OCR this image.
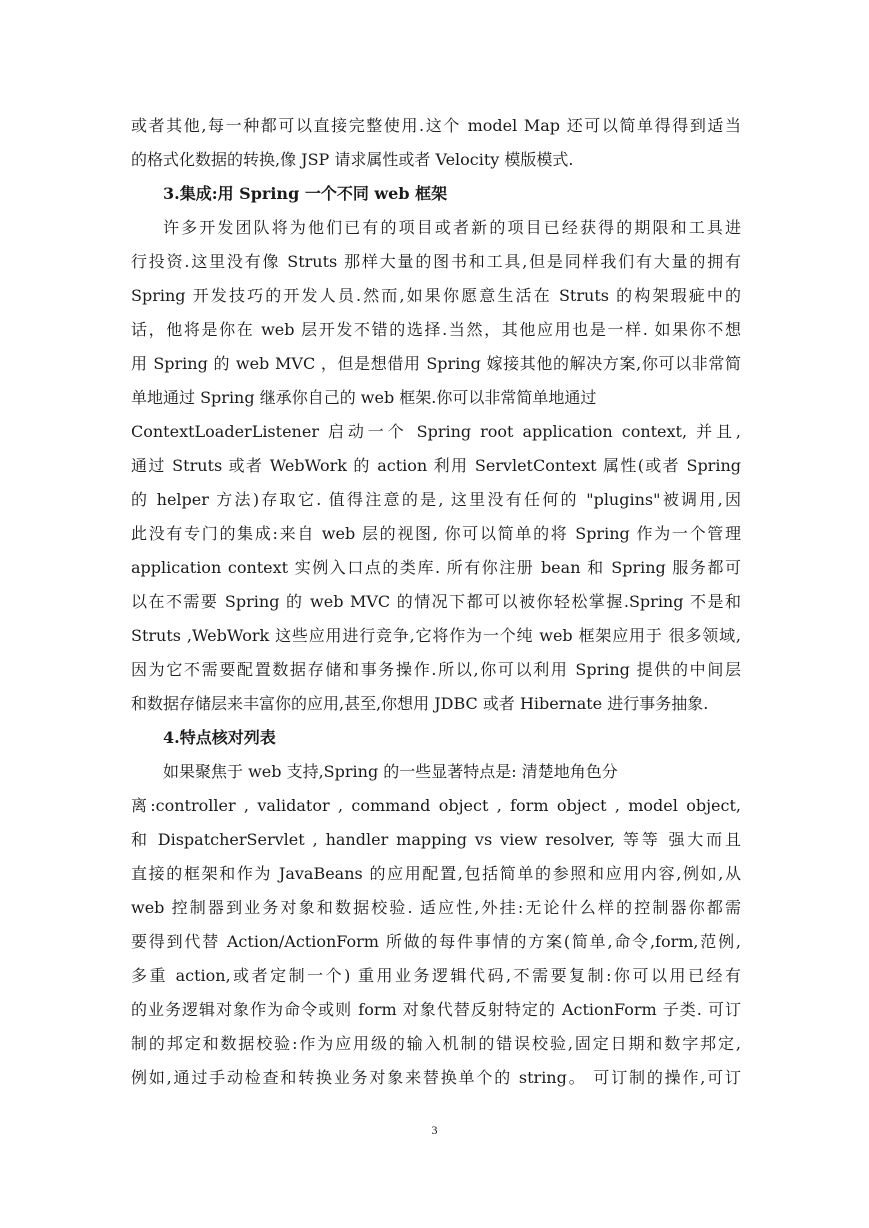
或者其他,每一种都可以直接完整使用.这个 model Map 还可以简单得得到适当
的格式化数据的转换,像 JSP 请求属性或者 Velocity 模版模式.
3.集成:用 Spring 一个不同 web 框架
许多开发团队将为他们已有的项目或者新的项目已经获得的期限和工具进
行投资.这里没有像 Struts 那样大量的图书和工具,但是同样我们有大量的拥有
Spring 开发技巧的开发人员.然而,如果你愿意生活在 Struts 的构架瑕疵中的
话，他将是你在 web 层开发不错的选择.当然，其他应用也是一样. 如果你不想
用 Spring 的 web MVC ，但是想借用 Spring 嫁接其他的解决方案,你可以非常简
单地通过 Spring 继承你自己的 web 框架.你可以非常简单地通过
ContextLoaderListener 启动一个 Spring root application context, 并且,
通过 Struts 或者 WebWork 的 action 利用 ServletContext 属性(或者 Spring
的 helper 方法)存取它. 值得注意的是, 这里没有任何的 "plugins"被调用,因
此没有专门的集成:来自 web 层的视图, 你可以简单的将 Spring 作为一个管理
application context 实例入口点的类库. 所有你注册 bean 和 Spring 服务都可
以在不需要 Spring 的 web MVC 的情况下都可以被你轻松掌握.Spring 不是和
Struts ,WebWork 这些应用进行竞争,它将作为一个纯 web 框架应用于 很多领域,
因为它不需要配置数据存储和事务操作.所以,你可以利用 Spring 提供的中间层
和数据存储层来丰富你的应用,甚至,你想用 JDBC 或者 Hibernate 进行事务抽象.
4.特点核对列表
如果聚焦于 web 支持,Spring 的一些显著特点是: 清楚地角色分
离:controller , validator , command object , form object , model object,
和 DispatcherServlet , handler mapping vs view resolver, 等等 强大而且
直接的框架和作为 JavaBeans 的应用配置,包括简单的参照和应用内容,例如,从
web 控制器到业务对象和数据校验. 适应性,外挂:无论什么样的控制器你都需
要得到代替 Action/ActionForm 所做的每件事情的方案(简单,命令,form,范例,
多重 action,或者定制一个) 重用业务逻辑代码,不需要复制:你可以用已经有
的业务逻辑对象作为命令或则 form 对象代替反射特定的 ActionForm 子类. 可订
制的邦定和数据校验:作为应用级的输入机制的错误校验,固定日期和数字邦定,
例如,通过手动检查和转换业务对象来替换单个的 string。 可订制的操作,可订
3
